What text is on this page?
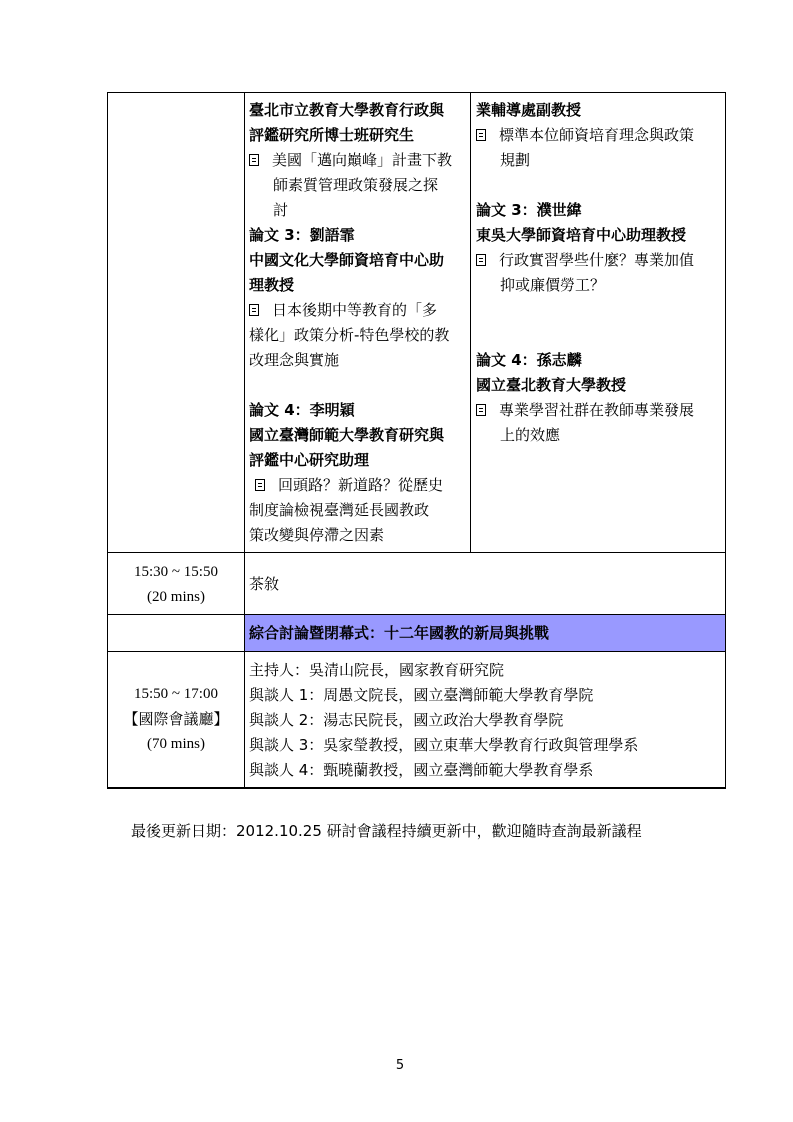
臺北市立教育大學教育行政與
評鑑研究所博士班研究生
美國「邁向巔峰」計畫下教
師素質管理政策發展之探
討
論文 3：劉語霏
中國文化大學師資培育中心助
理教授
日本後期中等教育的「多
樣化」政策分析-特色學校的教
改理念與實施
論文 4：李明穎
國立臺灣師範大學教育研究與
評鑑中心研究助理
回頭路？新道路？從歷史
制度論檢視臺灣延長國教政
策改變與停滯之因素
業輔導處副教授
標準本位師資培育理念與政策
規劃
論文 3：濮世緯
東吳大學師資培育中心助理教授
行政實習學些什麼？專業加值
抑或廉價勞工？
論文 4：孫志麟
國立臺北教育大學教授
專業學習社群在教師專業發展
上的效應
15:30 ~ 15:50
(20 mins)
茶敘
綜合討論暨閉幕式：十二年國教的新局與挑戰
15:50 ~ 17:00
【國際會議廳】
(70 mins)
主持人：吳清山院長，國家教育研究院
與談人 1：周愚文院長，國立臺灣師範大學教育學院
與談人 2：湯志民院長，國立政治大學教育學院
與談人 3：吳家瑩教授，國立東華大學教育行政與管理學系
與談人 4：甄曉蘭教授，國立臺灣師範大學教育學系
最後更新日期：2012.10.25 研討會議程持續更新中，歡迎隨時查詢最新議程
5
